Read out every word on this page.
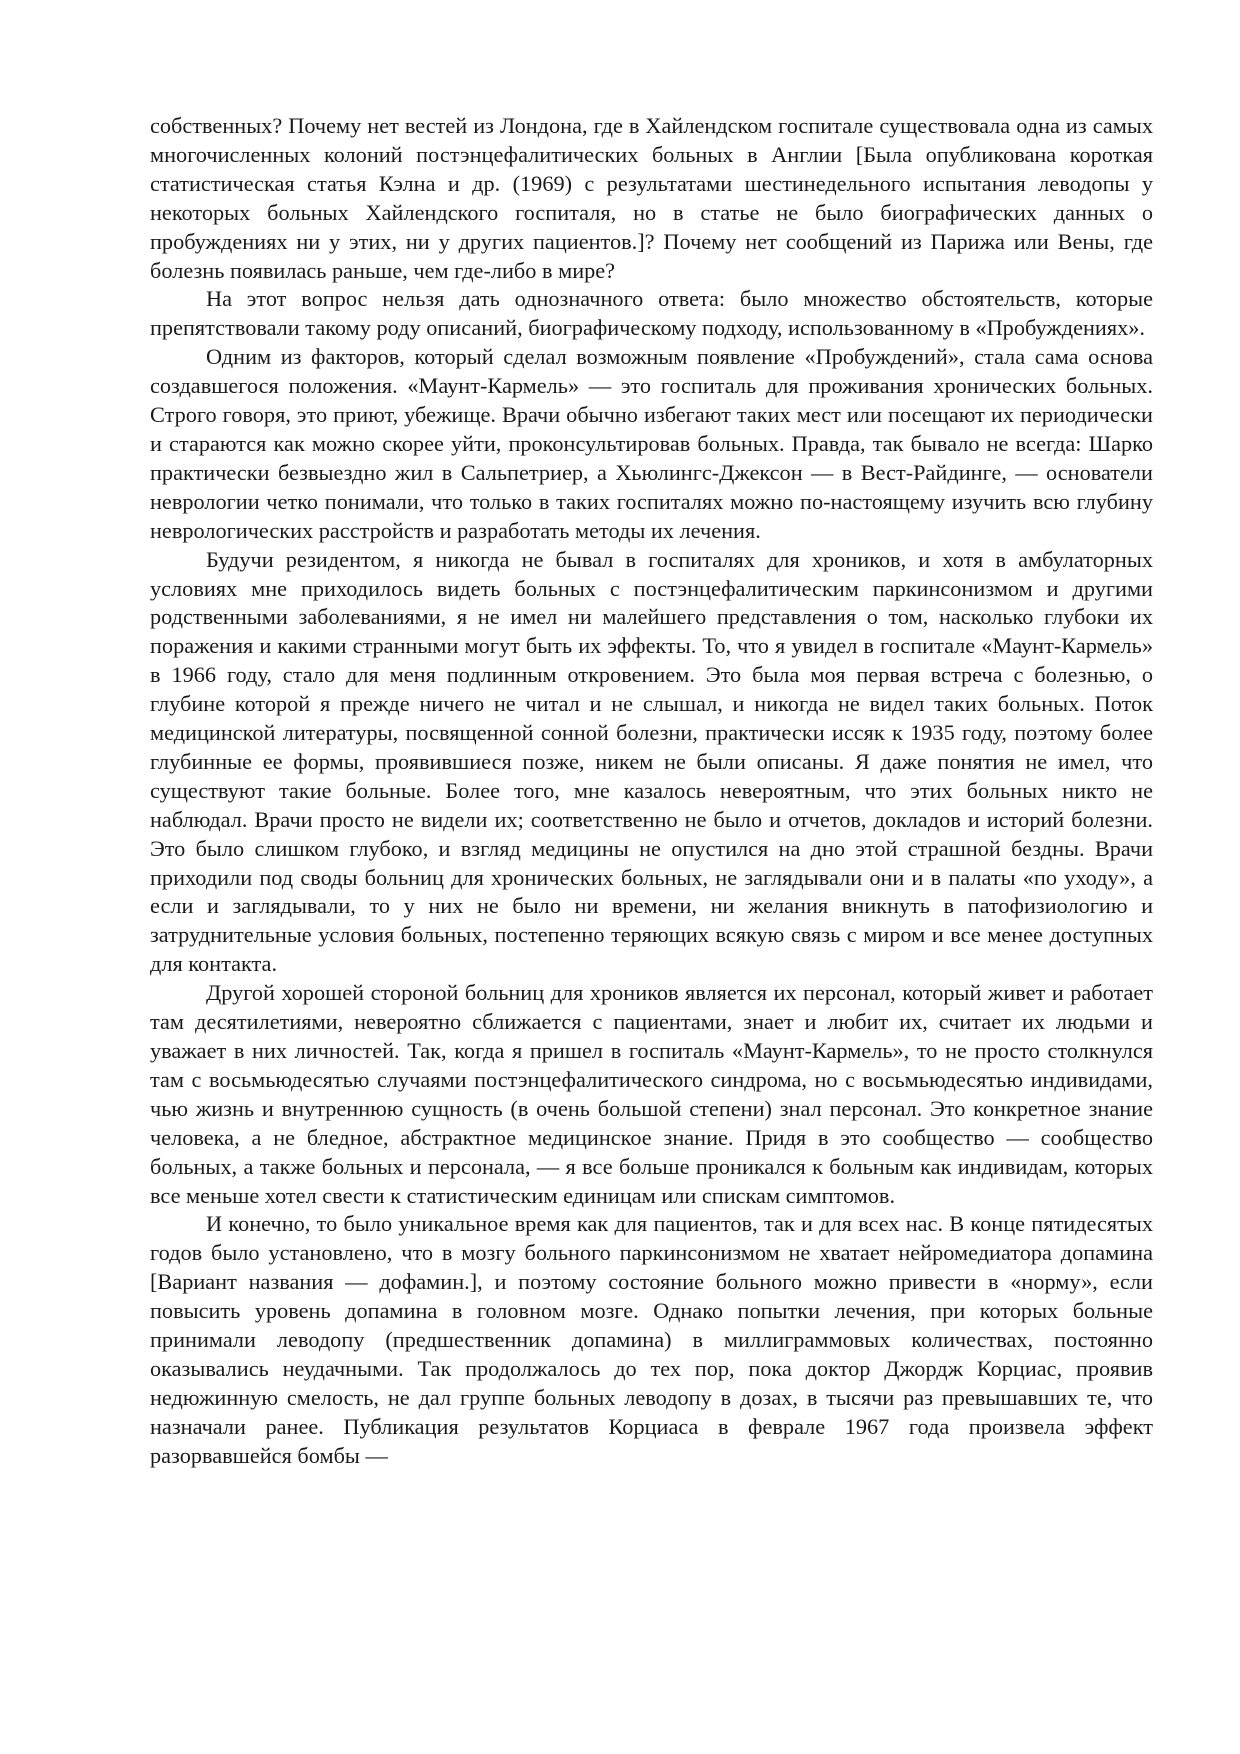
собственных? Почему нет вестей из Лондона, где в Хайлендском госпитале существовала одна из самых многочисленных колоний постэнцефалитических больных в Англии [Была опубликована короткая статистическая статья Кэлна и др. (1969) с результатами шестинедельного испытания леводопы у некоторых больных Хайлендского госпиталя, но в статье не было биографических данных о пробуждениях ни у этих, ни у других пациентов.]? Почему нет сообщений из Парижа или Вены, где болезнь появилась раньше, чем где-либо в мире?

На этот вопрос нельзя дать однозначного ответа: было множество обстоятельств, которые препятствовали такому роду описаний, биографическому подходу, использованному в «Пробуждениях».

Одним из факторов, который сделал возможным появление «Пробуждений», стала сама основа создавшегося положения. «Маунт-Кармель» — это госпиталь для проживания хронических больных. Строго говоря, это приют, убежище. Врачи обычно избегают таких мест или посещают их периодически и стараются как можно скорее уйти, проконсультировав больных. Правда, так бывало не всегда: Шарко практически безвыездно жил в Сальпетриер, а Хьюлингс-Джексон — в Вест-Райдинге, — основатели неврологии четко понимали, что только в таких госпиталях можно по-настоящему изучить всю глубину неврологических расстройств и разработать методы их лечения.

Будучи резидентом, я никогда не бывал в госпиталях для хроников, и хотя в амбулаторных условиях мне приходилось видеть больных с постэнцефалитическим паркинсонизмом и другими родственными заболеваниями, я не имел ни малейшего представления о том, насколько глубоки их поражения и какими странными могут быть их эффекты. То, что я увидел в госпитале «Маунт-Кармель» в 1966 году, стало для меня подлинным откровением. Это была моя первая встреча с болезнью, о глубине которой я прежде ничего не читал и не слышал, и никогда не видел таких больных. Поток медицинской литературы, посвященной сонной болезни, практически иссяк к 1935 году, поэтому более глубинные ее формы, проявившиеся позже, никем не были описаны. Я даже понятия не имел, что существуют такие больные. Более того, мне казалось невероятным, что этих больных никто не наблюдал. Врачи просто не видели их; соответственно не было и отчетов, докладов и историй болезни. Это было слишком глубоко, и взгляд медицины не опустился на дно этой страшной бездны. Врачи приходили под своды больниц для хронических больных, не заглядывали они и в палаты «по уходу», а если и заглядывали, то у них не было ни времени, ни желания вникнуть в патофизиологию и затруднительные условия больных, постепенно теряющих всякую связь с миром и все менее доступных для контакта.

Другой хорошей стороной больниц для хроников является их персонал, который живет и работает там десятилетиями, невероятно сближается с пациентами, знает и любит их, считает их людьми и уважает в них личностей. Так, когда я пришел в госпиталь «Маунт-Кармель», то не просто столкнулся там с восьмьюдесятью случаями постэнцефалитического синдрома, но с восьмьюдесятью индивидами, чью жизнь и внутреннюю сущность (в очень большой степени) знал персонал. Это конкретное знание человека, а не бледное, абстрактное медицинское знание. Придя в это сообщество — сообщество больных, а также больных и персонала, — я все больше проникался к больным как индивидам, которых все меньше хотел свести к статистическим единицам или спискам симптомов.

И конечно, то было уникальное время как для пациентов, так и для всех нас. В конце пятидесятых годов было установлено, что в мозгу больного паркинсонизмом не хватает нейромедиатора допамина [Вариант названия — дофамин.], и поэтому состояние больного можно привести в «норму», если повысить уровень допамина в головном мозге. Однако попытки лечения, при которых больные принимали леводопу (предшественник допамина) в миллиграммовых количествах, постоянно оказывались неудачными. Так продолжалось до тех пор, пока доктор Джордж Корциас, проявив недюжинную смелость, не дал группе больных леводопу в дозах, в тысячи раз превышавших те, что назначали ранее. Публикация результатов Корциаса в феврале 1967 года произвела эффект разорвавшейся бомбы —
